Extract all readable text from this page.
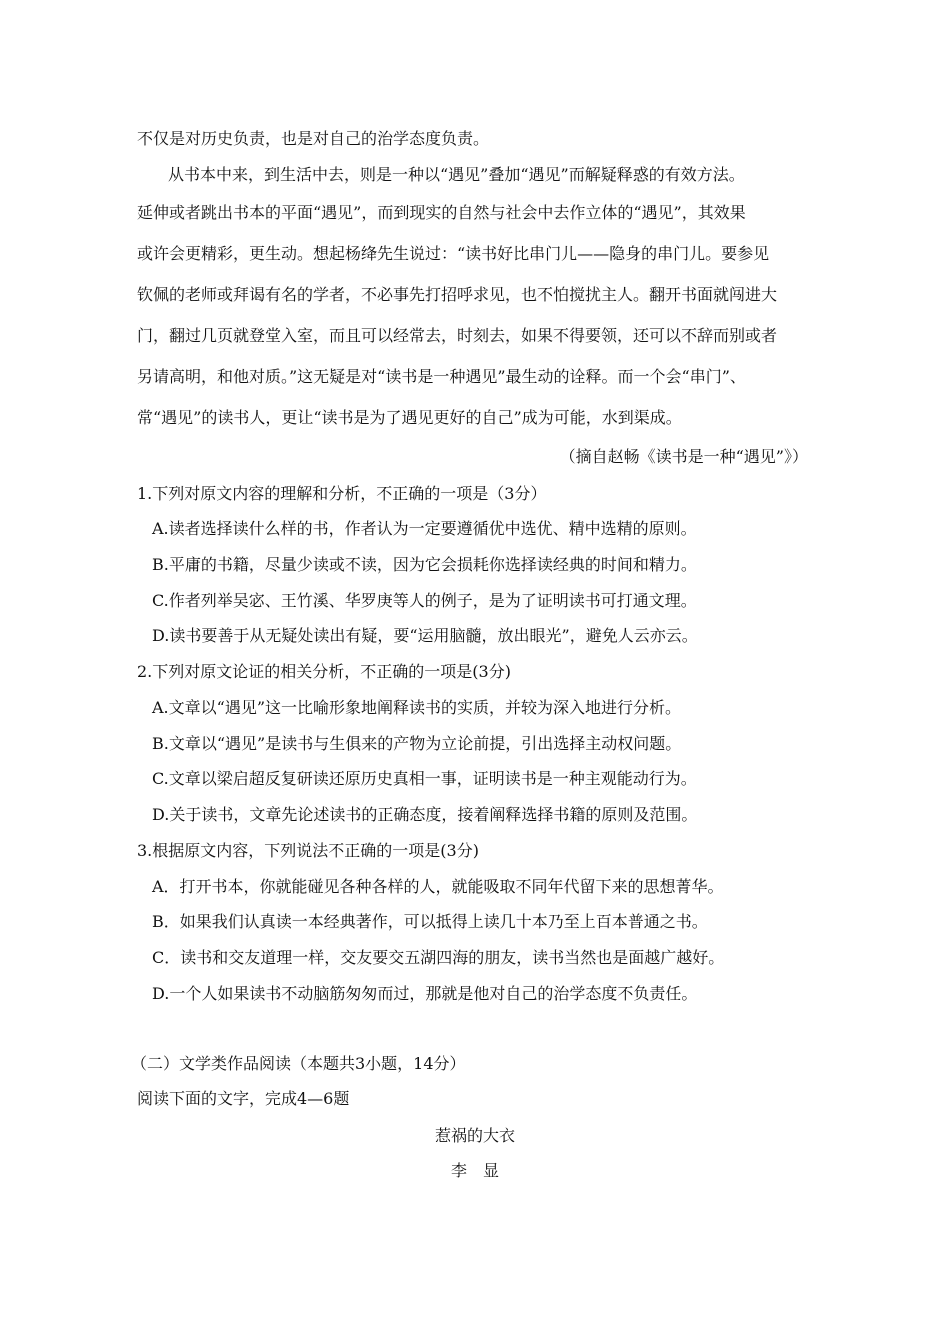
不仅是对历史负责，也是对自己的治学态度负责。
从书本中来，到生活中去，则是一种以“遇见”叠加“遇见”而解疑释惑的有效方法。
延伸或者跳出书本的平面“遇见”，而到现实的自然与社会中去作立体的“遇见”，其效果
或许会更精彩，更生动。想起杨绛先生说过：“读书好比串门儿——隐身的串门儿。要参见
钦佩的老师或拜谒有名的学者，不必事先打招呼求见，也不怕搅扰主人。翻开书面就闯进大
门，翻过几页就登堂入室，而且可以经常去，时刻去，如果不得要领，还可以不辞而别或者
另请高明，和他对质。”这无疑是对“读书是一种遇见”最生动的诠释。而一个会“串门”、
常“遇见”的读书人，更让“读书是为了遇见更好的自己”成为可能，水到渠成。
（摘自赵畅《读书是一种“遇见”》）
1.下列对原文内容的理解和分析，不正确的一项是（3分）
A.读者选择读什么样的书，作者认为一定要遵循优中选优、精中选精的原则。
B.平庸的书籍，尽量少读或不读，因为它会损耗你选择读经典的时间和精力。
C.作者列举吴宓、王竹溪、华罗庚等人的例子，是为了证明读书可打通文理。
D.读书要善于从无疑处读出有疑，要“运用脑髓，放出眼光”，避免人云亦云。
2.下列对原文论证的相关分析，不正确的一项是(3分)
A.文章以“遇见”这一比喻形象地阐释读书的实质，并较为深入地进行分析。
B.文章以“遇见”是读书与生俱来的产物为立论前提，引出选择主动权问题。
C.文章以梁启超反复研读还原历史真相一事，证明读书是一种主观能动行为。
D.关于读书，文章先论述读书的正确态度，接着阐释选择书籍的原则及范围。
3.根据原文内容，下列说法不正确的一项是(3分)
A．打开书本，你就能碰见各种各样的人，就能吸取不同年代留下来的思想菁华。
B．如果我们认真读一本经典著作，可以抵得上读几十本乃至上百本普通之书。
C．读书和交友道理一样，交友要交五湖四海的朋友，读书当然也是面越广越好。
D.一个人如果读书不动脑筋匆匆而过，那就是他对自己的治学态度不负责任。
（二）文学类作品阅读（本题共3小题，14分）
阅读下面的文字，完成4—6题
惹祸的大衣
李　显
